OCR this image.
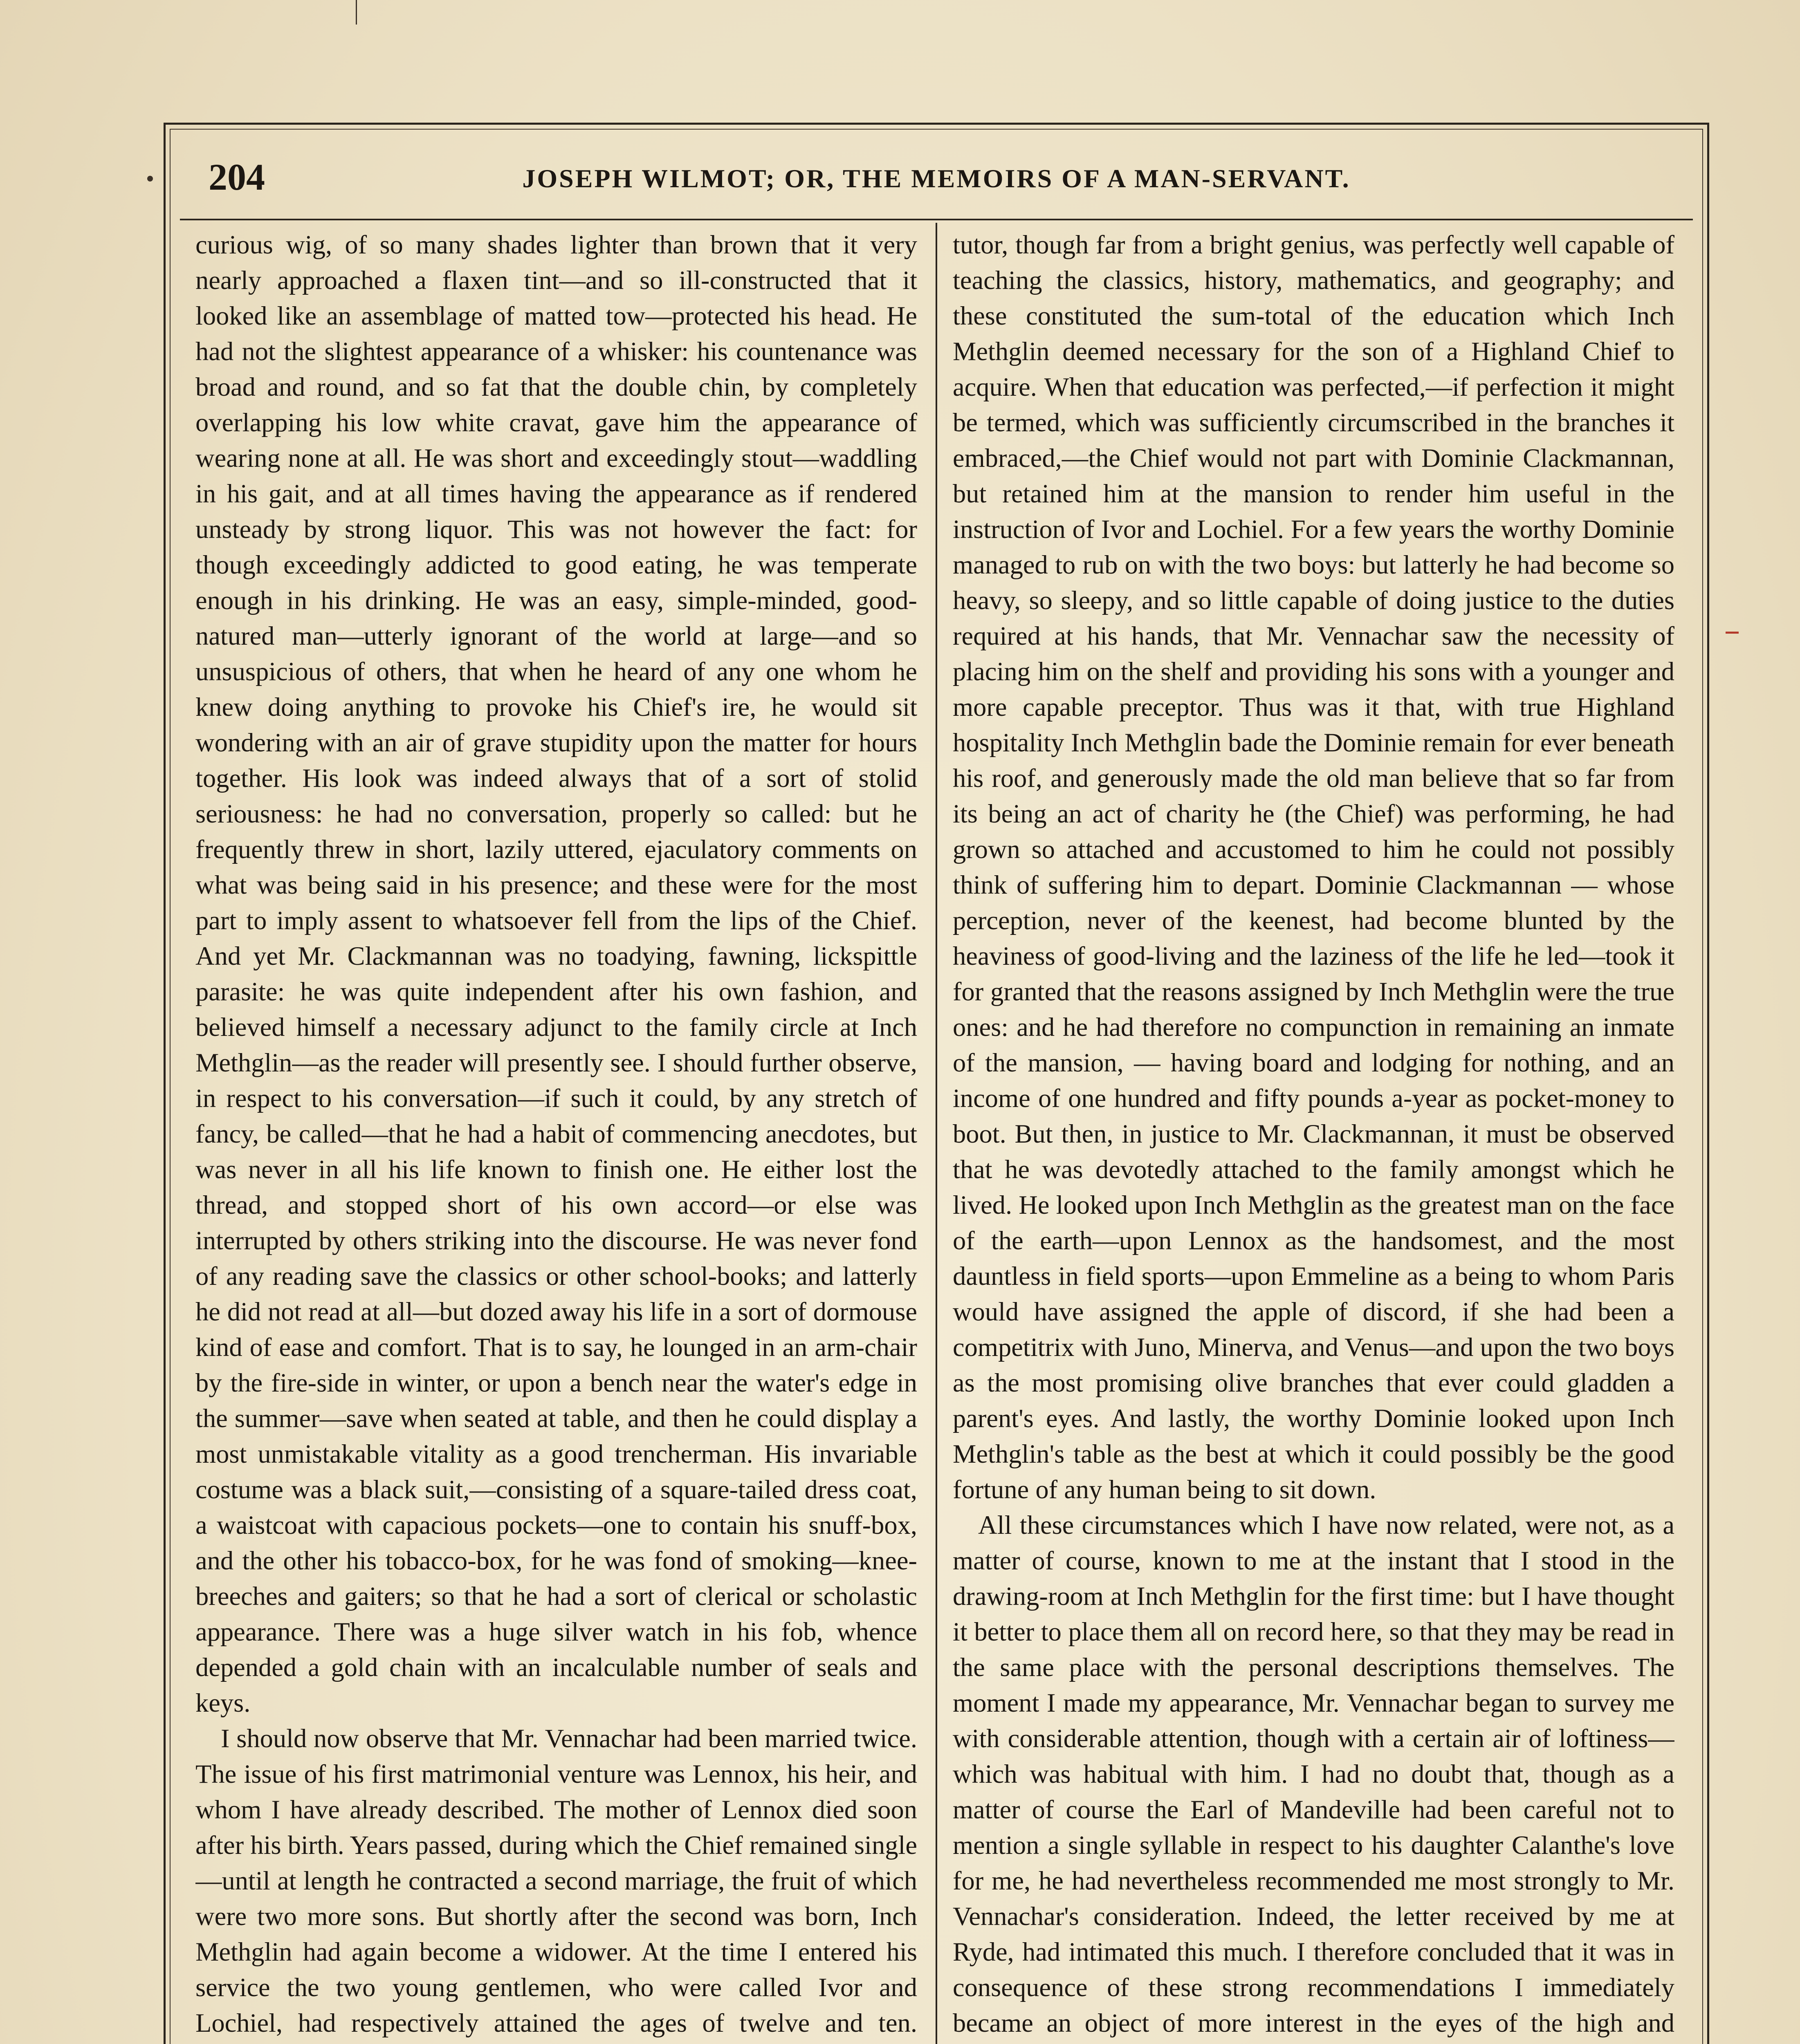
204	JOSEPH WILMOT; OR, THE MEMOIRS OF A MAN-SERVANT.

curious wig, of so many shades lighter than brown that it very nearly approached a flaxen tint—and so ill-constructed that it looked like an assemblage of matted tow—protected his head. He had not the slightest appearance of a whisker: his countenance was broad and round, and so fat that the double chin, by completely overlapping his low white cravat, gave him the appearance of wearing none at all. He was short and exceedingly stout—waddling in his gait, and at all times having the appearance as if rendered unsteady by strong liquor. This was not however the fact: for though exceedingly addicted to good eating, he was temperate enough in his drinking. He was an easy, simple-minded, good-natured man—utterly ignorant of the world at large—and so unsuspicious of others, that when he heard of any one whom he knew doing anything to provoke his Chief's ire, he would sit wondering with an air of grave stupidity upon the matter for hours together. His look was indeed always that of a sort of stolid seriousness: he had no conversation, properly so called: but he frequently threw in short, lazily uttered, ejaculatory comments on what was being said in his presence; and these were for the most part to imply assent to whatsoever fell from the lips of the Chief. And yet Mr. Clackmannan was no toadying, fawning, lickspittle parasite: he was quite independent after his own fashion, and believed himself a necessary adjunct to the family circle at Inch Methglin—as the reader will presently see. I should further observe, in respect to his conversation—if such it could, by any stretch of fancy, be called—that he had a habit of commencing anecdotes, but was never in all his life known to finish one. He either lost the thread, and stopped short of his own accord—or else was interrupted by others striking into the discourse. He was never fond of any reading save the classics or other school-books; and latterly he did not read at all—but dozed away his life in a sort of dormouse kind of ease and comfort. That is to say, he lounged in an arm-chair by the fire-side in winter, or upon a bench near the water's edge in the summer—save when seated at table, and then he could display a most unmistakable vitality as a good trencherman. His invariable costume was a black suit,—consisting of a square-tailed dress coat, a waistcoat with capacious pockets—one to contain his snuff-box, and the other his tobacco-box, for he was fond of smoking—knee-breeches and gaiters; so that he had a sort of clerical or scholastic appearance. There was a huge silver watch in his fob, whence depended a gold chain with an incalculable number of seals and keys.

I should now observe that Mr. Vennachar had been married twice. The issue of his first matrimonial venture was Lennox, his heir, and whom I have already described. The mother of Lennox died soon after his birth. Years passed, during which the Chief remained single—until at length he contracted a second marriage, the fruit of which were two more sons. But shortly after the second was born, Inch Methglin had again become a widower. At the time I entered his service the two young gentlemen, who were called Ivor and Lochiel, had respectively attained the ages of twelve and ten.

tutor, though far from a bright genius, was perfectly well capable of teaching the classics, history, mathematics, and geography; and these constituted the sum-total of the education which Inch Methglin deemed necessary for the son of a Highland Chief to acquire. When that education was perfected,—if perfection it might be termed, which was sufficiently circumscribed in the branches it embraced,—the Chief would not part with Dominie Clackmannan, but retained him at the mansion to render him useful in the instruction of Ivor and Lochiel. For a few years the worthy Dominie managed to rub on with the two boys: but latterly he had become so heavy, so sleepy, and so little capable of doing justice to the duties required at his hands, that Mr. Vennachar saw the necessity of placing him on the shelf and providing his sons with a younger and more capable preceptor. Thus was it that, with true Highland hospitality Inch Methglin bade the Dominie remain for ever beneath his roof, and generously made the old man believe that so far from its being an act of charity he (the Chief) was performing, he had grown so attached and accustomed to him he could not possibly think of suffering him to depart. Dominie Clackmannan — whose perception, never of the keenest, had become blunted by the heaviness of good-living and the laziness of the life he led—took it for granted that the reasons assigned by Inch Methglin were the true ones: and he had therefore no compunction in remaining an inmate of the mansion, — having board and lodging for nothing, and an income of one hundred and fifty pounds a-year as pocket-money to boot. But then, in justice to Mr. Clackmannan, it must be observed that he was devotedly attached to the family amongst which he lived. He looked upon Inch Methglin as the greatest man on the face of the earth—upon Lennox as the handsomest, and the most dauntless in field sports—upon Emmeline as a being to whom Paris would have assigned the apple of discord, if she had been a competitrix with Juno, Minerva, and Venus—and upon the two boys as the most promising olive branches that ever could gladden a parent's eyes. And lastly, the worthy Dominie looked upon Inch Methglin's table as the best at which it could possibly be the good fortune of any human being to sit down.

All these circumstances which I have now related, were not, as a matter of course, known to me at the instant that I stood in the drawing-room at Inch Methglin for the first time: but I have thought it better to place them all on record here, so that they may be read in the same place with the personal descriptions themselves. The moment I made my appearance, Mr. Vennachar began to survey me with considerable attention, though with a certain air of loftiness—which was habitual with him. I had no doubt that, though as a matter of course the Earl of Mandeville had been careful not to mention a single syllable in respect to his daughter Calanthe's love for me, he had nevertheless recommended me most strongly to Mr. Vennachar's consideration. Indeed, the letter received by me at Ryde, had intimated this much. I therefore concluded that it was in consequence of these strong recommendations I immediately became an object of more interest in the eyes of the high and
